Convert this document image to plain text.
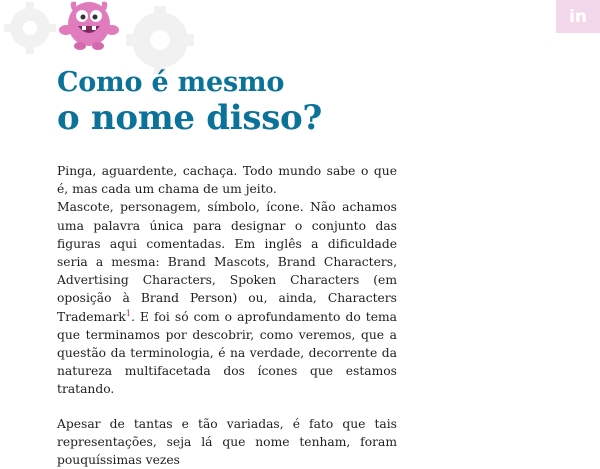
in
Como é mesmo
o nome disso?

Pinga, aguardente, cachaça. Todo mundo sabe o que é, mas cada um chama de um jeito.

Mascote, personagem, símbolo, ícone. Não achamos uma palavra única para designar o conjunto das figuras aqui comentadas. Em inglês a dificuldade seria a mesma: Brand Mascots, Brand Characters, Advertising Characters, Spoken Characters (em oposição à Brand Person) ou, ainda, Characters Trademark$^1$. E foi só com o aprofundamento do tema que terminamos por descobrir, como veremos, que a questão da terminologia, é na verdade, decorrente da natureza multifacetada dos ícones que estamos tratando.

Apesar de tantas e tão variadas, é fato que tais representações, seja lá que nome tenham, foram pouquíssimas vezes
